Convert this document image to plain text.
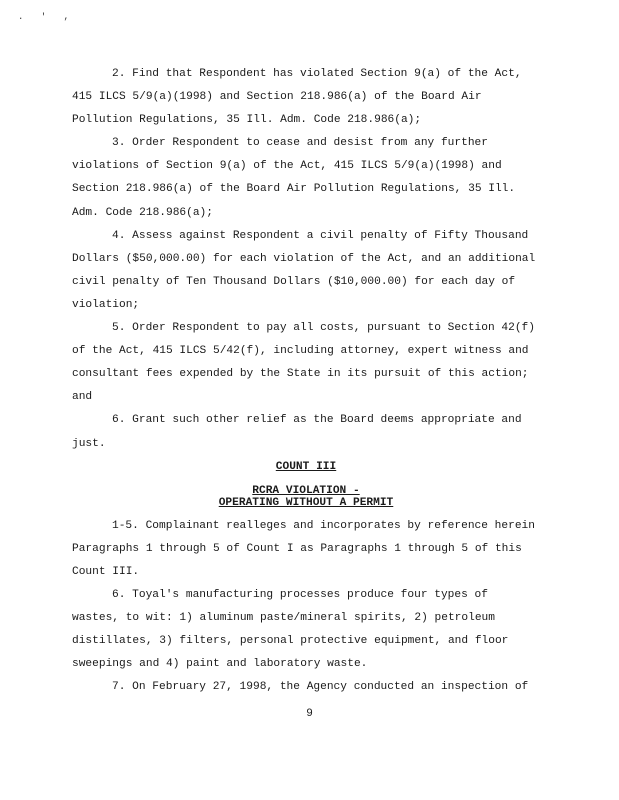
. ' ,
2. Find that Respondent has violated Section 9(a) of the Act,
415 ILCS 5/9(a)(1998) and Section 218.986(a) of the Board Air
Pollution Regulations, 35 Ill. Adm. Code 218.986(a);
3. Order Respondent to cease and desist from any further
violations of Section 9(a) of the Act, 415 ILCS 5/9(a)(1998) and
Section 218.986(a) of the Board Air Pollution Regulations, 35 Ill.
Adm. Code 218.986(a);
4. Assess against Respondent a civil penalty of Fifty Thousand
Dollars ($50,000.00) for each violation of the Act, and an additional
civil penalty of Ten Thousand Dollars ($10,000.00) for each day of
violation;
5. Order Respondent to pay all costs, pursuant to Section 42(f)
of the Act, 415 ILCS 5/42(f), including attorney, expert witness and
consultant fees expended by the State in its pursuit of this action;
and
6. Grant such other relief as the Board deems appropriate and
just.
COUNT III
RCRA VIOLATION -
OPERATING WITHOUT A PERMIT
1-5. Complainant realleges and incorporates by reference herein
Paragraphs 1 through 5 of Count I as Paragraphs 1 through 5 of this
Count III.
6. Toyal's manufacturing processes produce four types of
wastes, to wit: 1) aluminum paste/mineral spirits, 2) petroleum
distillates, 3) filters, personal protective equipment, and floor
sweepings and 4) paint and laboratory waste.
7. On February 27, 1998, the Agency conducted an inspection of
9
